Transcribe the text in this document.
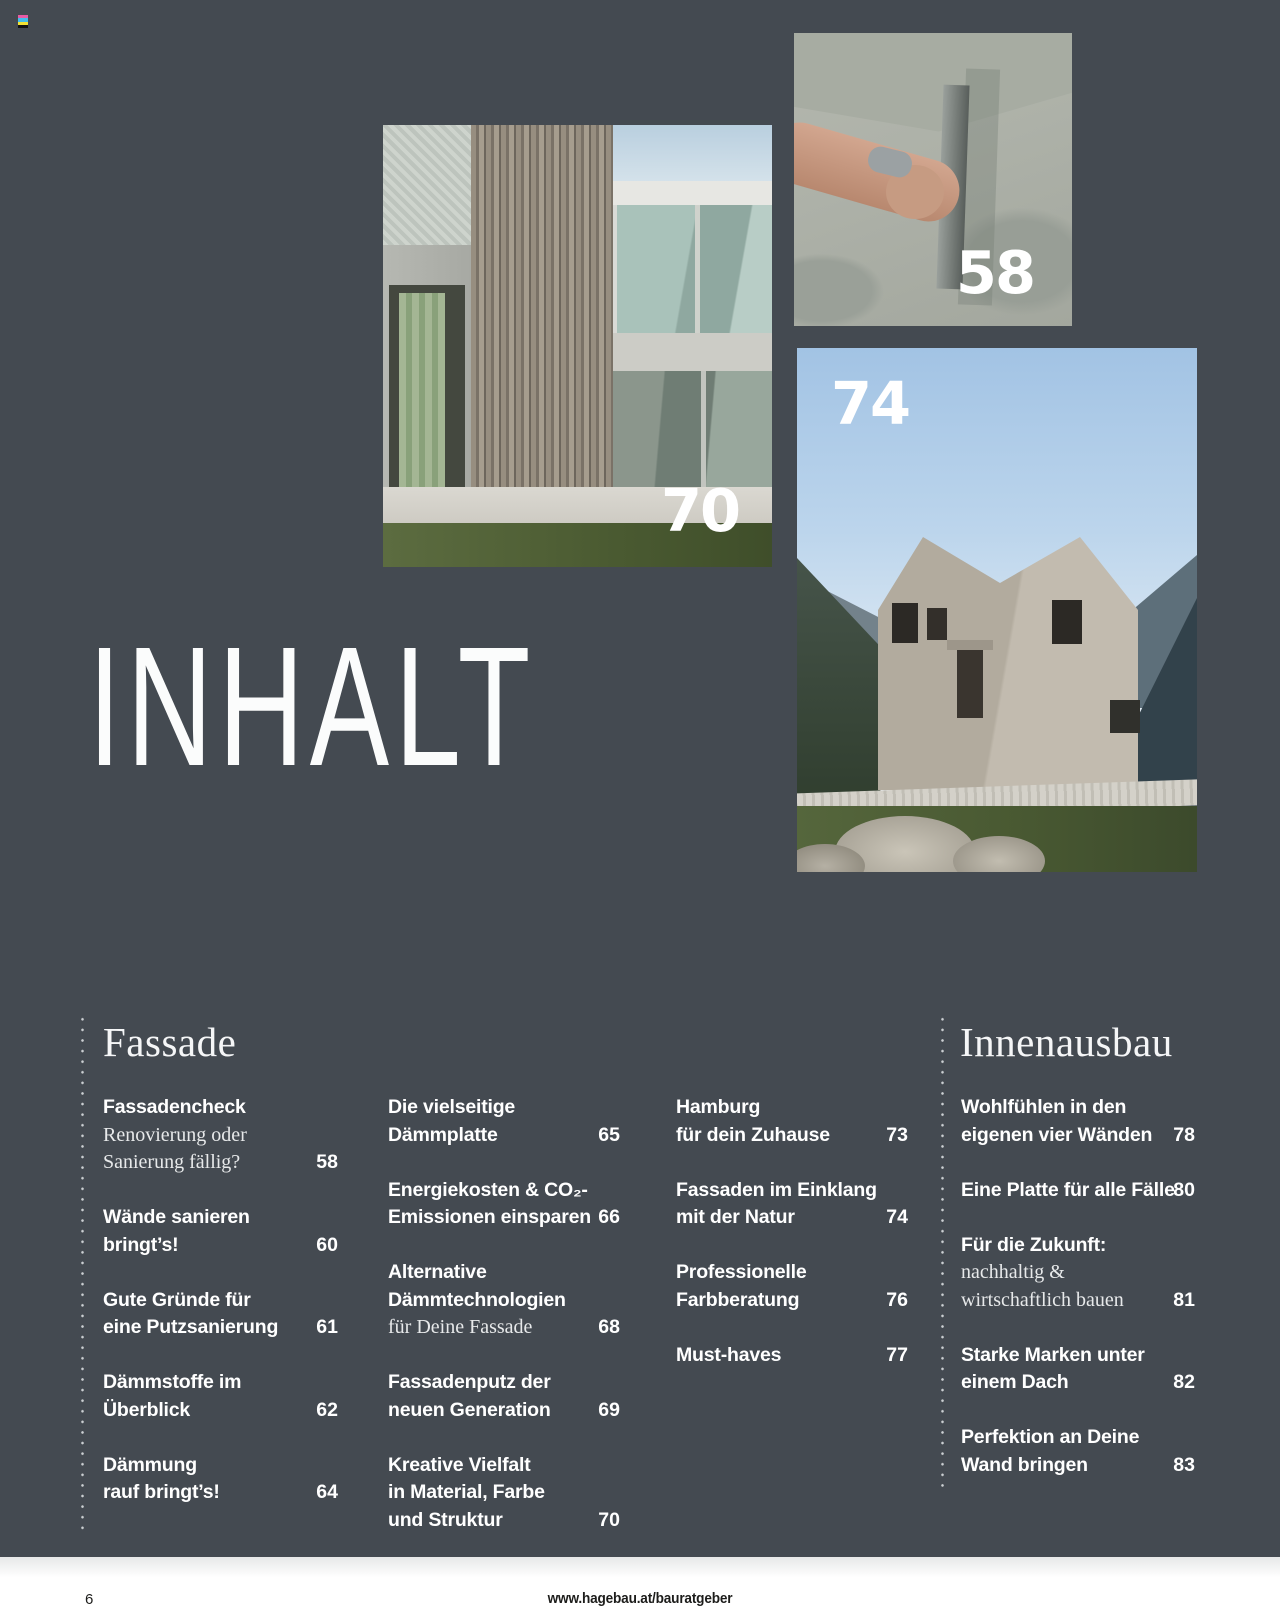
58
70
74
INHALT
Fassade	Innenausbau

Fassadencheck

Renovierung oder

Sanierung fällig?	58

Wände sanieren

bringt’s!	60

Gute Gründe für

eine Putzsanierung 61

Dämmstoffe im

Überblick	62

Dämmung

rauf bringt’s!	64

Die vielseitige

Dämmplatte	65

Energiekosten & CO₂-

Emissionen einsparen 66

Alternative

Dämmtechnologien

für Deine Fassade	68

Fassadenputz der

neuen Generation 69

Kreative Vielfalt

in Material, Farbe

und Struktur	70

Hamburg

für dein Zuhause	73

Fassaden im Einklang

mit der Natur	74

Professionelle

Farbberatung	76

Must-haves	77

Wohlfühlen in den

eigenen vier Wänden 78

Eine Platte für alle Fälle
80

Für die Zukunft:

nachhaltig &

wirtschaftlich bauen	81

Starke Marken unter

einem Dach	82

Perfektion an Deine

Wand bringen	83

6	www.hagebau.at/bauratgeber
